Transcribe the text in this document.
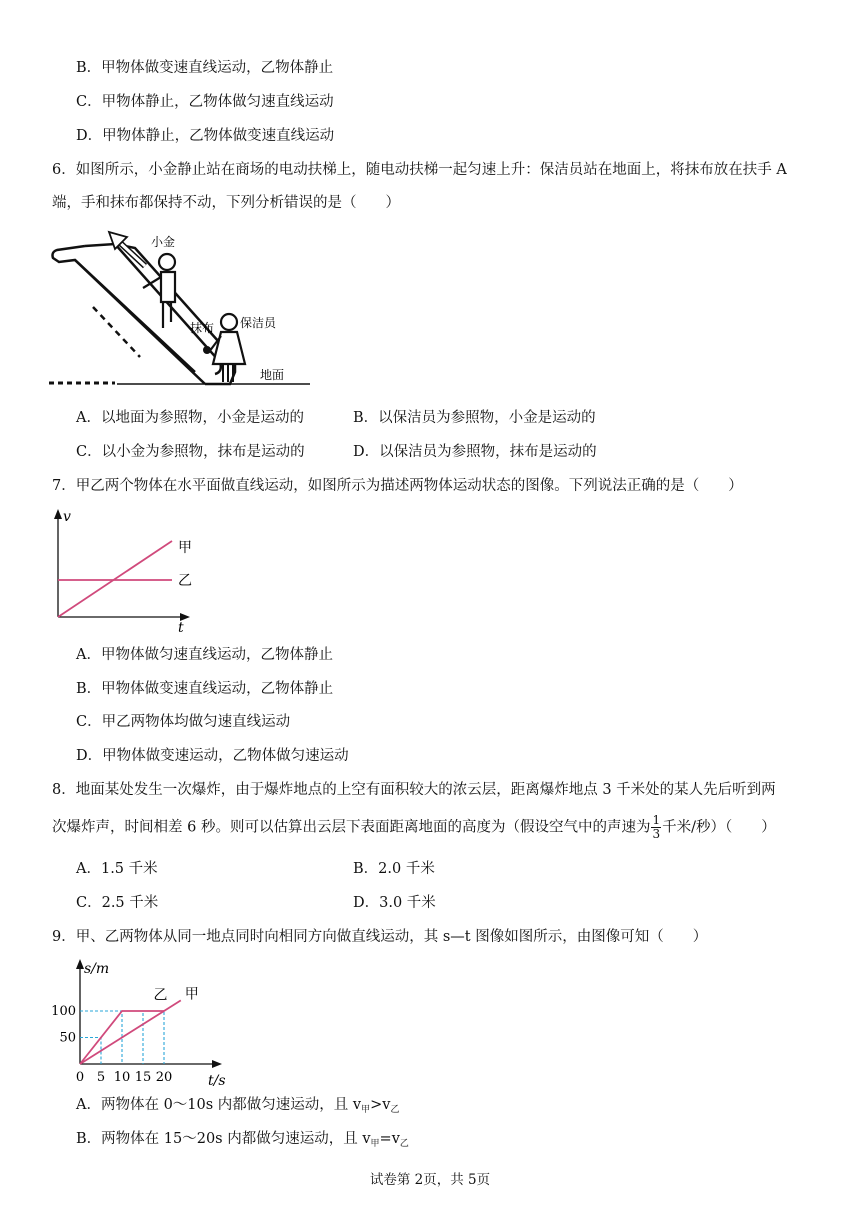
B．甲物体做变速直线运动，乙物体静止
C．甲物体静止，乙物体做匀速直线运动
D．甲物体静止，乙物体做变速直线运动
6．如图所示，小金静止站在商场的电动扶梯上，随电动扶梯一起匀速上升：保洁员站在地面上，将抹布放在扶手 A
端，手和抹布都保持不动，下列分析错误的是（　　）
小金
抹布 保洁员
地面
A．以地面为参照物，小金是运动的	B．以保洁员为参照物，小金是运动的
C．以小金为参照物，抹布是运动的	D．以保洁员为参照物，抹布是运动的
7．甲乙两个物体在水平面做直线运动，如图所示为描述两物体运动状态的图像。下列说法正确的是（　　）
v
t
甲
乙
A．甲物体做匀速直线运动，乙物体静止
B．甲物体做变速直线运动，乙物体静止
C．甲乙两物体均做匀速直线运动
D．甲物体做变速运动，乙物体做匀速运动
8．地面某处发生一次爆炸，由于爆炸地点的上空有面积较大的浓云层，距离爆炸地点 3 千米处的某人先后听到两
次爆炸声，时间相差 6 秒。则可以估算出云层下表面距离地面的高度为（假设空气中的声速为 $\frac{1}{3}$ 千米/秒）（　　）
A．1.5 千米	B．2.0 千米
C．2.5 千米	D．3.0 千米
9．甲、乙两物体从同一地点同时向相同方向做直线运动，其 s—t 图像如图所示，由图像可知（　　）
乙 甲
0 5 10 15 20
50
100
s/m
t/s
A．两物体在 0～10s 内都做匀速运动，且 $v_甲>v_乙$
B．两物体在 15～20s 内都做匀速运动，且 $v_甲=v_乙$
试卷第 2页，共 5页
